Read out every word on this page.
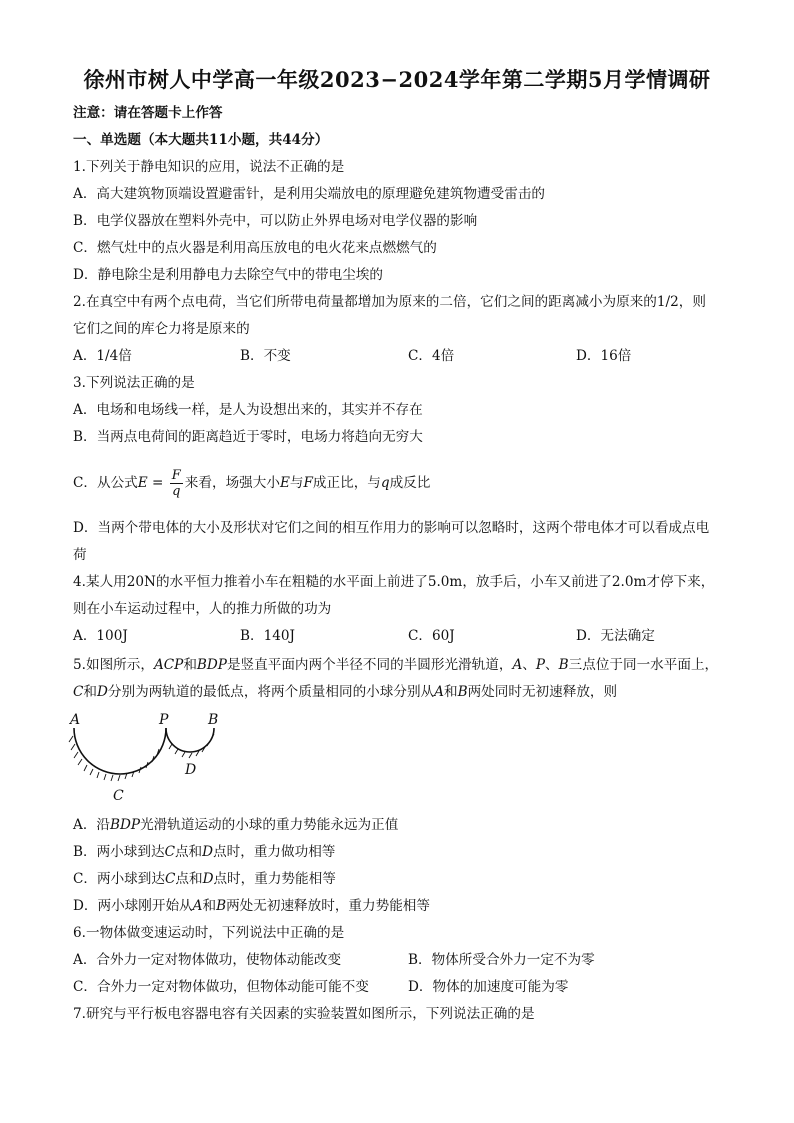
徐州市树人中学高一年级2023−2024学年第二学期5月学情调研
注意：请在答题卡上作答
一、单选题（本大题共11小题，共44分）
1.下列关于静电知识的应用，说法不正确的是
A．高大建筑物顶端设置避雷针，是利用尖端放电的原理避免建筑物遭受雷击的
B．电学仪器放在塑料外壳中，可以防止外界电场对电学仪器的影响
C．燃气灶中的点火器是利用高压放电的电火花来点燃燃气的
D．静电除尘是利用静电力去除空气中的带电尘埃的
2.在真空中有两个点电荷，当它们所带电荷量都增加为原来的二倍，它们之间的距离减小为原来的1/2，则
它们之间的库仑力将是原来的
A．1/4倍	B．不变	C．4倍	D．16倍
3.下列说法正确的是
A．电场和电场线一样，是人为设想出来的，其实并不存在
B．当两点电荷间的距离趋近于零时，电场力将趋向无穷大
C．从公式$E = \frac{F}{q}$ 来看，场强大小E与F成正比，与q成反比
D．当两个带电体的大小及形状对它们之间的相互作用力的影响可以忽略时，这两个带电体才可以看成点电
荷
4.某人用20N的水平恒力推着小车在粗糙的水平面上前进了5.0m，放手后，小车又前进了2.0m才停下来，
则在小车运动过程中，人的推力所做的功为
A．100J	B．140J	C．60J	D．无法确定
5.如图所示，ACP和BDP是竖直平面内两个半径不同的半圆形光滑轨道，A、P、B三点位于同一水平面上，
C和D分别为两轨道的最低点，将两个质量相同的小球分别从A和B两处同时无初速释放，则
A	P	B
D
C
A．沿BDP光滑轨道运动的小球的重力势能永远为正值
B．两小球到达C点和D点时，重力做功相等
C．两小球到达C点和D点时，重力势能相等
D．两小球刚开始从A和B两处无初速释放时，重力势能相等
6.一物体做变速运动时，下列说法中正确的是
A．合外力一定对物体做功，使物体动能改变	B．物体所受合外力一定不为零
C．合外力一定对物体做功，但物体动能可能不变	D．物体的加速度可能为零
7.研究与平行板电容器电容有关因素的实验装置如图所示，下列说法正确的是
